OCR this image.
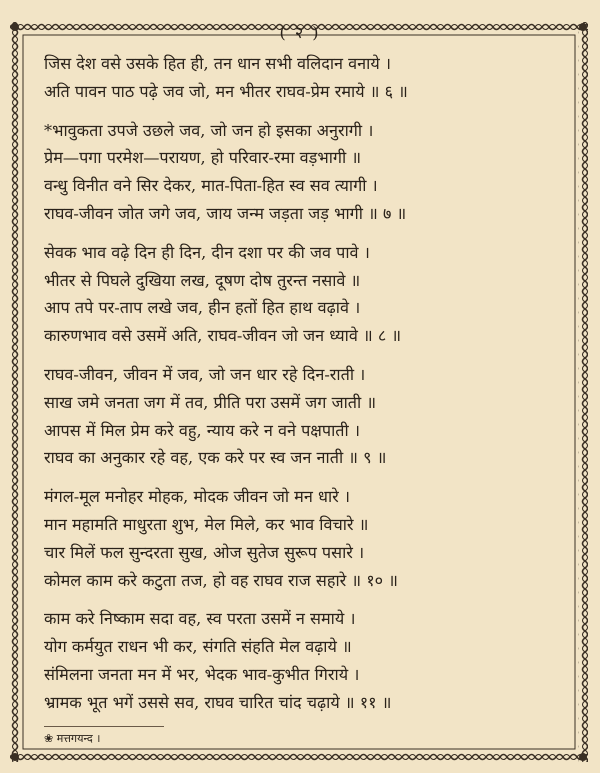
( २ )
जिस देश वसे उसके हित ही, तन धान सभी वलिदान वनाये ।
अति पावन पाठ पढ़े जव जो, मन भीतर राघव-प्रेम रमाये ॥ ६ ॥
*भावुकता उपजे उछले जव, जो जन हो इसका अनुरागी ।
प्रेम—पगा परमेश—परायण, हो परिवार-रमा वड़भागी ॥
वन्धु विनीत वने सिर देकर, मात-पिता-हित स्व सव त्यागी ।
राघव-जीवन जोत जगे जव, जाय जन्म जड़ता जड़ भागी ॥ ७ ॥
सेवक भाव वढ़े दिन ही दिन, दीन दशा पर की जव पावे ।
भीतर से पिघले दुखिया लख, दूषण दोष तुरन्त नसावे ॥
आप तपे पर-ताप लखे जव, हीन हतों हित हाथ वढ़ावे ।
कारुणभाव वसे उसमें अति, राघव-जीवन जो जन ध्यावे ॥ ८ ॥
राघव-जीवन, जीवन में जव, जो जन धार रहे दिन-राती ।
साख जमे जनता जग में तव, प्रीति परा उसमें जग जाती ॥
आपस में मिल प्रेम करे वहु, न्याय करे न वने पक्षपाती ।
राघव का अनुकार रहे वह, एक करे पर स्व जन नाती ॥ ९ ॥
मंगल-मूल मनोहर मोहक, मोदक जीवन जो मन धारे ।
मान महामति माधुरता शुभ, मेल मिले, कर भाव विचारे ॥
चार मिलें फल सुन्दरता सुख, ओज सुतेज सुरूप पसारे ।
कोमल काम करे कटुता तज, हो वह राघव राज सहारे ॥ १० ॥
काम करे निष्काम सदा वह, स्व परता उसमें न समाये ।
योग कर्मयुत राधन भी कर, संगति संहति मेल वढ़ाये ॥
संमिलना जनता मन में भर, भेदक भाव-कुभीत गिराये ।
भ्रामक भूत भगें उससे सव, राघव चारित चांद चढ़ाये ॥ ११ ॥
❀ मत्तगयन्द ।
